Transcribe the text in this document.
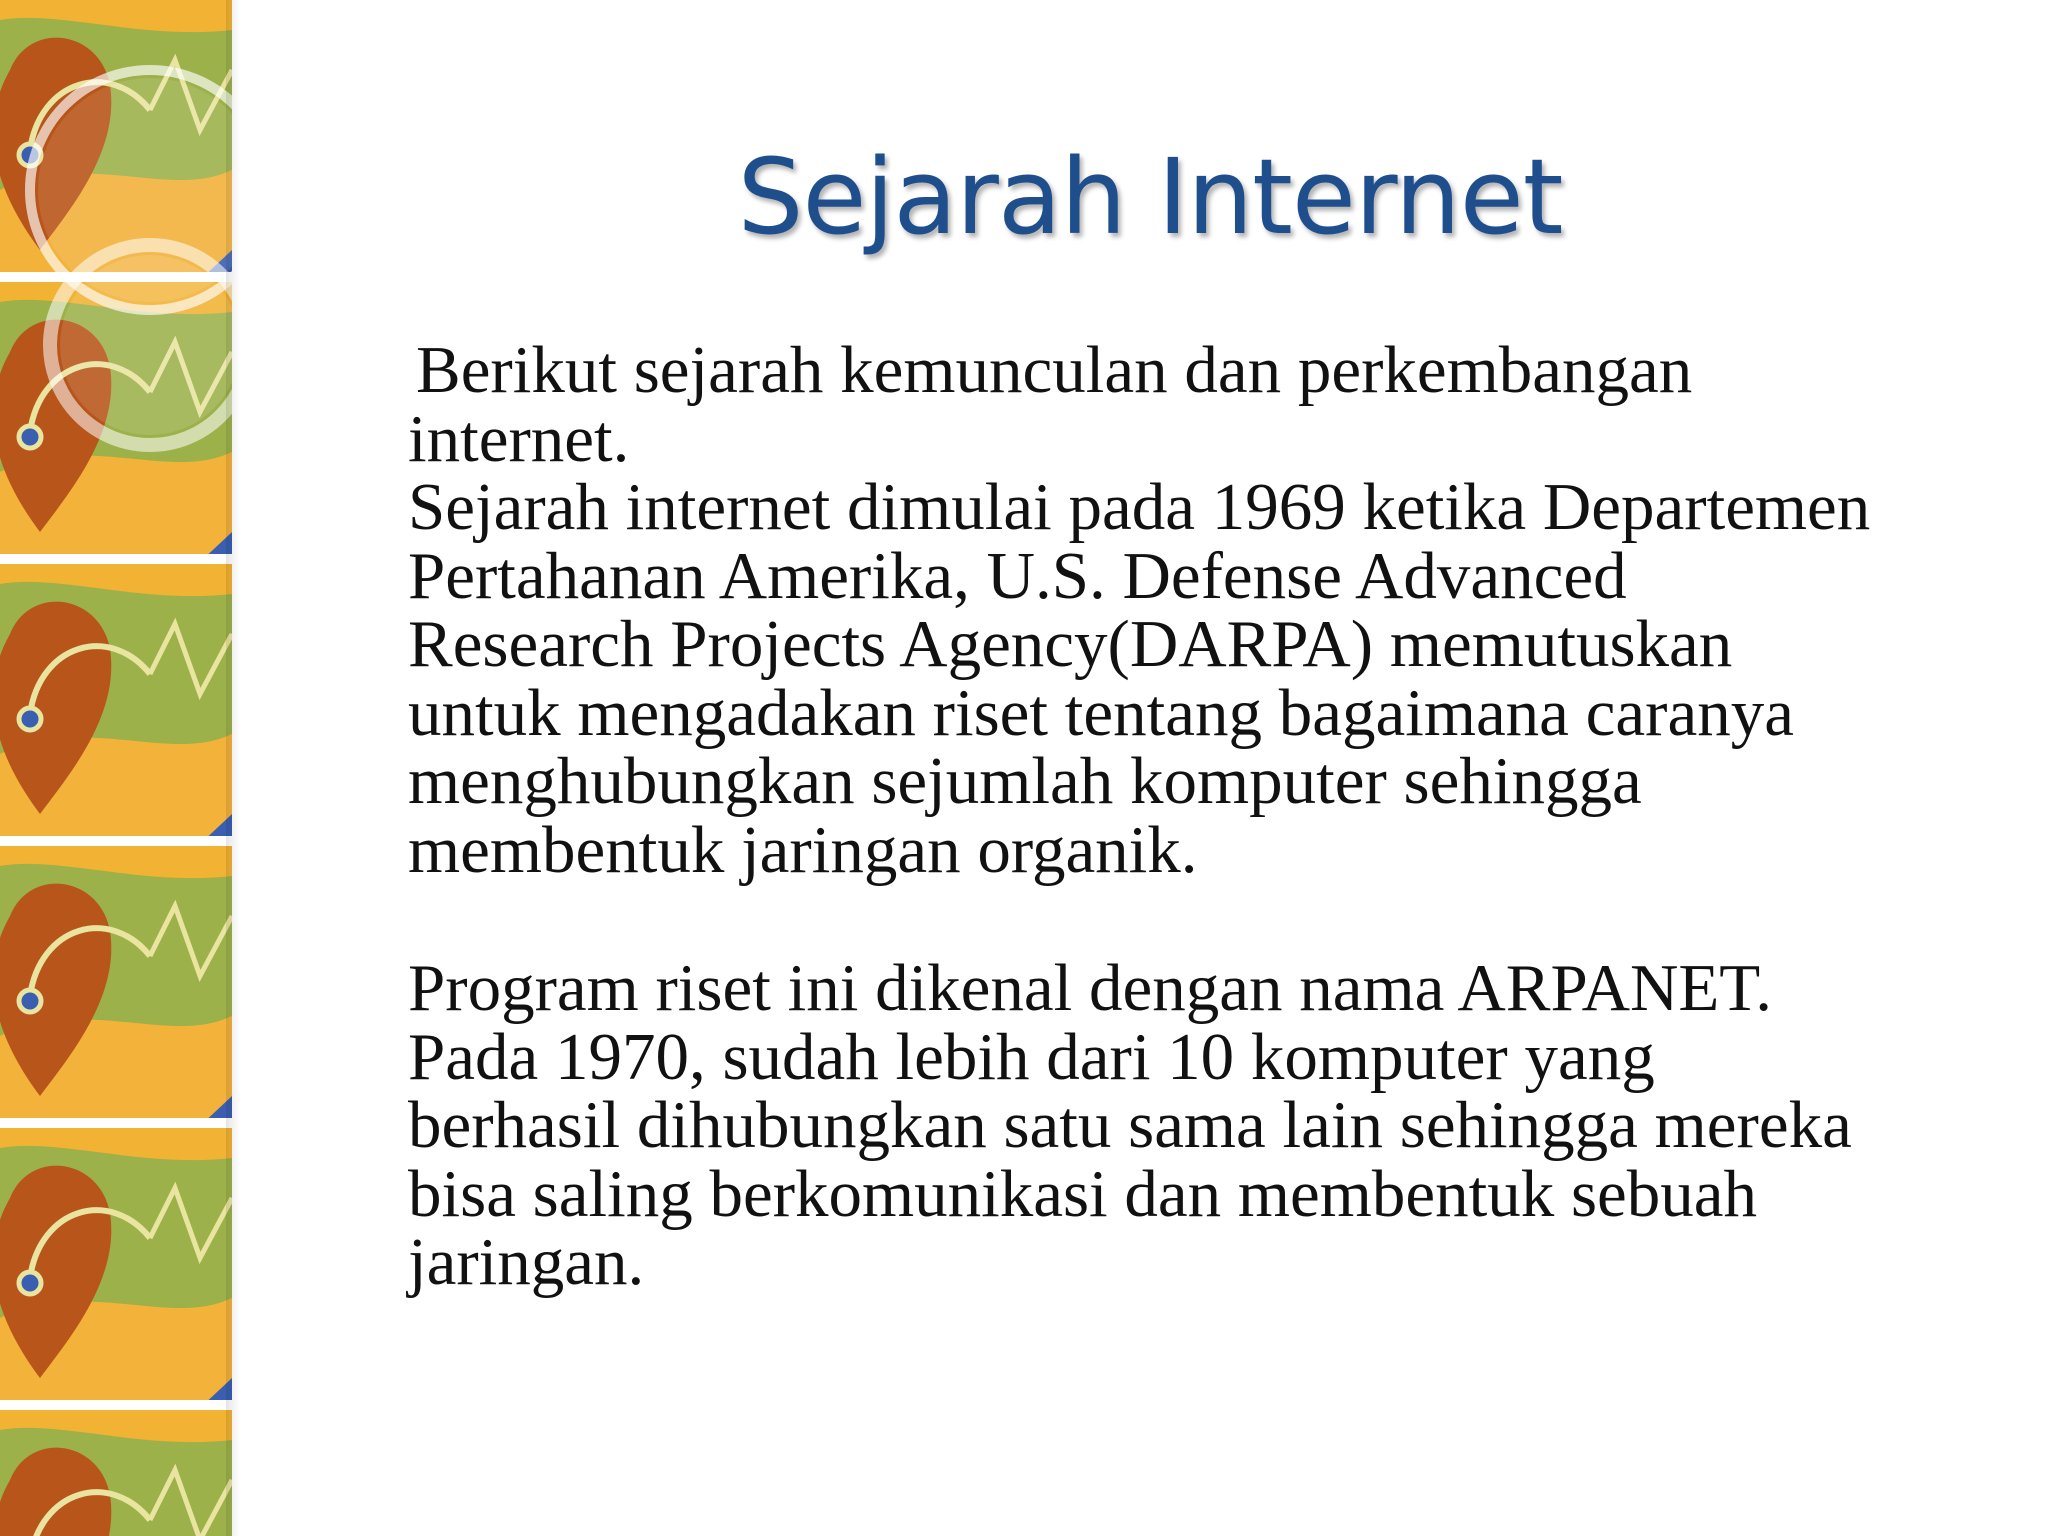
Sejarah Internet

Berikut sejarah kemunculan dan perkembangan
internet.
Sejarah internet dimulai pada 1969 ketika Departemen
Pertahanan Amerika, U.S. Defense Advanced
Research Projects Agency(DARPA) memutuskan
untuk mengadakan riset tentang bagaimana caranya
menghubungkan sejumlah komputer sehingga
membentuk jaringan organik.

Program riset ini dikenal dengan nama ARPANET.
Pada 1970, sudah lebih dari 10 komputer yang
berhasil dihubungkan satu sama lain sehingga mereka
bisa saling berkomunikasi dan membentuk sebuah
jaringan.
